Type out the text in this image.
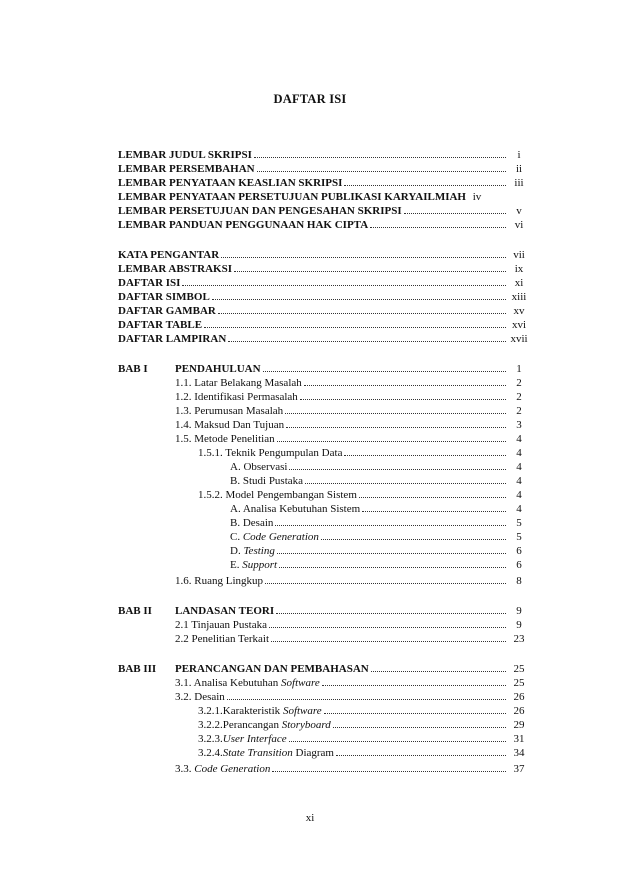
DAFTAR ISI
LEMBAR JUDUL SKRIPSI	i
LEMBAR PERSEMBAHAN	ii
LEMBAR PENYATAAN KEASLIAN SKRIPSI	iii
LEMBAR PENYATAAN PERSETUJUAN PUBLIKASI KARYAILMIAH iv
LEMBAR PERSETUJUAN DAN PENGESAHAN SKRIPSI	v
LEMBAR PANDUAN PENGGUNAAN HAK CIPTA	vi
KATA PENGANTAR	vii
LEMBAR ABSTRAKSI	ix
DAFTAR ISI	xi
DAFTAR SIMBOL	xiii
DAFTAR GAMBAR	xv
DAFTAR TABLE	xvi
DAFTAR LAMPIRAN	xvii
BAB I PENDAHULUAN	1
1.1. Latar Belakang Masalah	2
1.2. Identifikasi Permasalah	2
1.3. Perumusan Masalah	2
1.4. Maksud Dan Tujuan	3
1.5. Metode Penelitian	4
1.5.1. Teknik Pengumpulan Data	4
A. Observasi	4
B. Studi Pustaka	4
1.5.2. Model Pengembangan Sistem	4
A. Analisa Kebutuhan Sistem	4
B. Desain	5
C. Code Generation	5
D. Testing	6
E. Support	6
1.6. Ruang Lingkup	8
BAB II LANDASAN TEORI	9
2.1 Tinjauan Pustaka	9
2.2 Penelitian Terkait	23
BAB III PERANCANGAN DAN PEMBAHASAN	25
3.1. Analisa Kebutuhan Software	25
3.2. Desain	26
3.2.1.Karakteristik Software	26
3.2.2.Perancangan Storyboard	29
3.2.3.User Interface	31
3.2.4.State Transition Diagram	34
3.3. Code Generation	37
xi
